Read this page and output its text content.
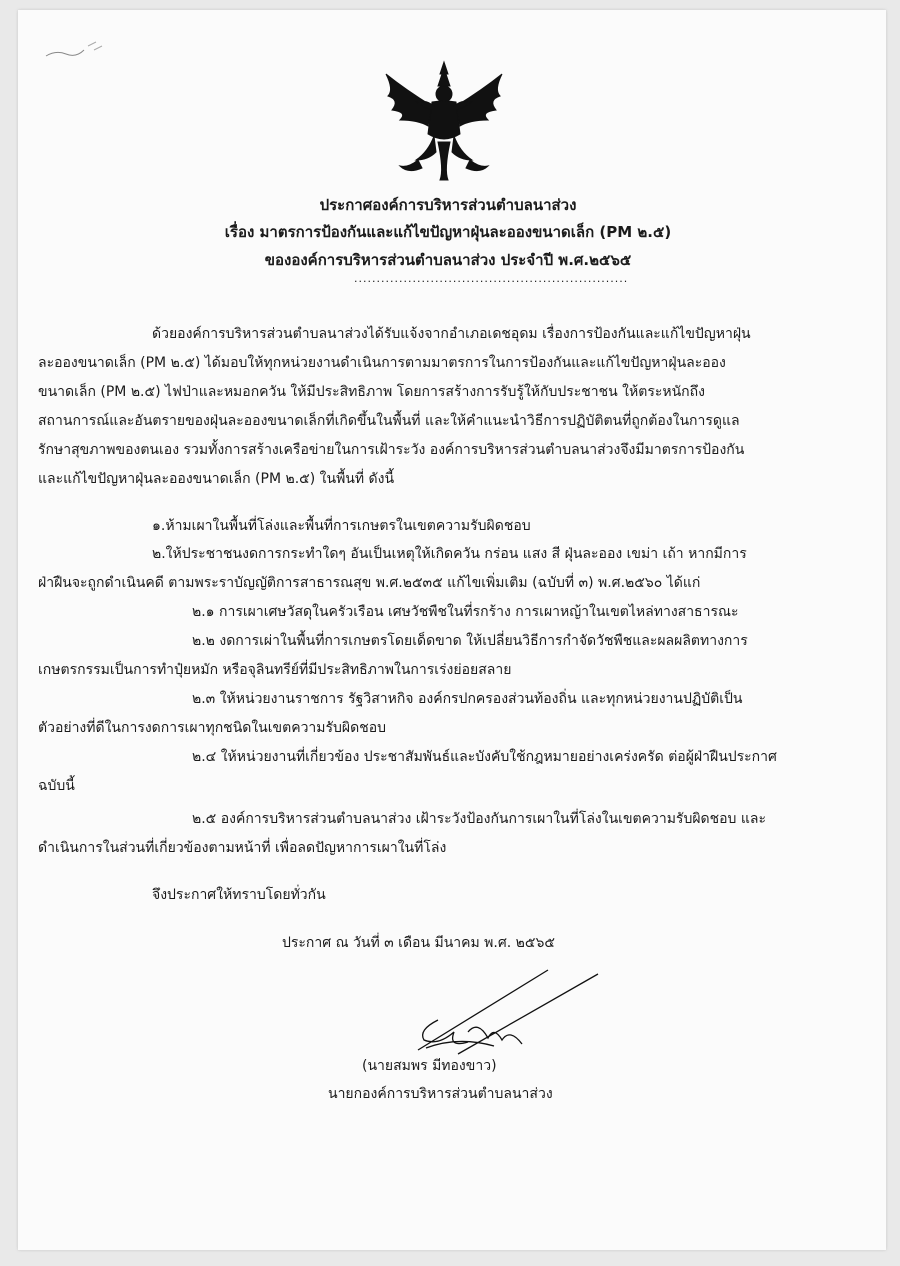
ประกาศองค์การบริหารส่วนตำบลนาส่วง
เรื่อง มาตรการป้องกันและแก้ไขปัญหาฝุ่นละอองขนาดเล็ก (PM ๒.๕)
ขององค์การบริหารส่วนตำบลนาส่วง ประจำปี พ.ศ.๒๕๖๕
.............................................................
ด้วยองค์การบริหารส่วนตำบลนาส่วงได้รับแจ้งจากอำเภอเดชอุดม เรื่องการป้องกันและแก้ไขปัญหาฝุ่น
ละอองขนาดเล็ก (PM ๒.๕) ได้มอบให้ทุกหน่วยงานดำเนินการตามมาตรการในการป้องกันและแก้ไขปัญหาฝุ่นละออง
ขนาดเล็ก (PM ๒.๕) ไฟป่าและหมอกควัน ให้มีประสิทธิภาพ โดยการสร้างการรับรู้ให้กับประชาชน ให้ตระหนักถึง
สถานการณ์และอันตรายของฝุ่นละอองขนาดเล็กที่เกิดขึ้นในพื้นที่ และให้คำแนะนำวิธีการปฏิบัติตนที่ถูกต้องในการดูแล
รักษาสุขภาพของตนเอง รวมทั้งการสร้างเครือข่ายในการเฝ้าระวัง องค์การบริหารส่วนตำบลนาส่วงจึงมีมาตรการป้องกัน
และแก้ไขปัญหาฝุ่นละอองขนาดเล็ก (PM ๒.๕) ในพื้นที่ ดังนี้
๑.ห้ามเผาในพื้นที่โล่งและพื้นที่การเกษตรในเขตความรับผิดชอบ
๒.ให้ประชาชนงดการกระทำใดๆ อันเป็นเหตุให้เกิดควัน กร่อน แสง สี ฝุ่นละออง เขม่า เถ้า หากมีการ
ฝ่าฝืนจะถูกดำเนินคดี ตามพระราบัญญัติการสาธารณสุข พ.ศ.๒๕๓๕ แก้ไขเพิ่มเติม (ฉบับที่ ๓) พ.ศ.๒๕๖๐ ได้แก่
๒.๑ การเผาเศษวัสดุในครัวเรือน เศษวัชพืชในที่รกร้าง การเผาหญ้าในเขตไหล่ทางสาธารณะ
๒.๒ งดการเผ่าในพื้นที่การเกษตรโดยเด็ดขาด ให้เปลี่ยนวิธีการกำจัดวัชพืชและผลผลิตทางการ
เกษตรกรรมเป็นการทำปุ๋ยหมัก หรือจุลินทรีย์ที่มีประสิทธิภาพในการเร่งย่อยสลาย
๒.๓ ให้หน่วยงานราชการ รัฐวิสาหกิจ องค์กรปกครองส่วนท้องถิ่น และทุกหน่วยงานปฏิบัติเป็น
ตัวอย่างที่ดีในการงดการเผาทุกชนิดในเขตความรับผิดชอบ
๒.๔ ให้หน่วยงานที่เกี่ยวข้อง ประชาสัมพันธ์และบังคับใช้กฎหมายอย่างเคร่งครัด ต่อผู้ฝ่าฝืนประกาศ
ฉบับนี้
๒.๕ องค์การบริหารส่วนตำบลนาส่วง เฝ้าระวังป้องกันการเผาในที่โล่งในเขตความรับผิดชอบ และ
ดำเนินการในส่วนที่เกี่ยวข้องตามหน้าที่ เพื่อลดปัญหาการเผาในที่โล่ง
จึงประกาศให้ทราบโดยทั่วกัน
ประกาศ ณ วันที่ ๓ เดือน มีนาคม พ.ศ. ๒๕๖๕
(นายสมพร มีทองขาว)
นายกองค์การบริหารส่วนตำบลนาส่วง
